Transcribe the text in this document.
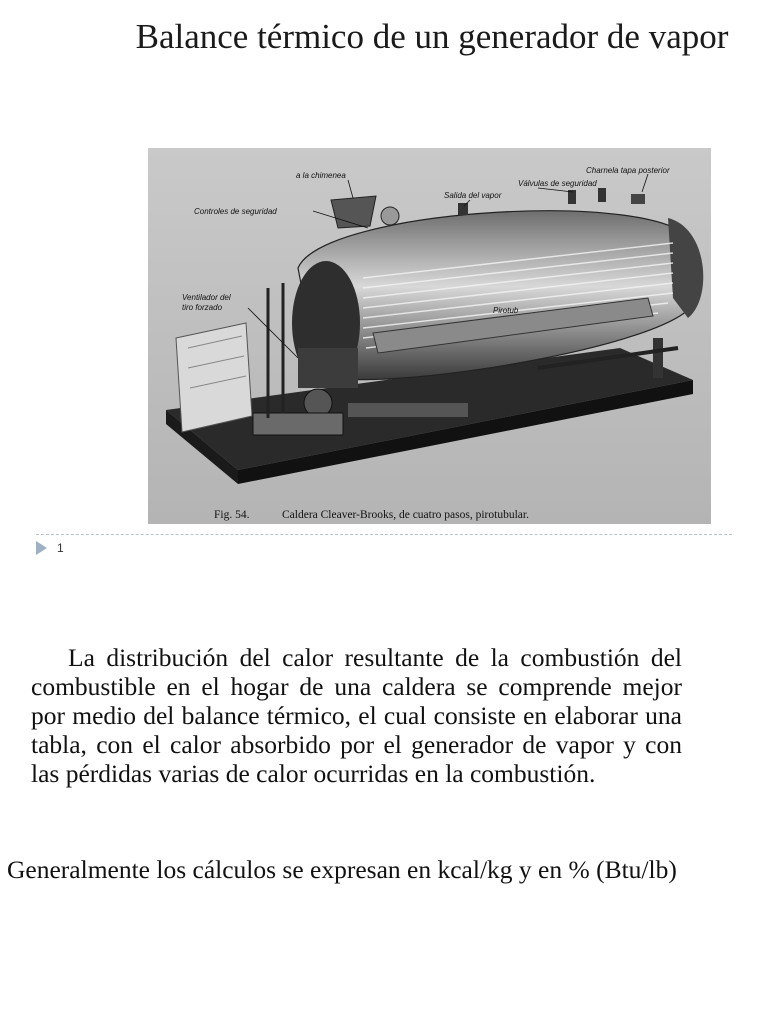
Balance térmico de un generador de vapor
a la chimenea
Controles de seguridad
Salida del vapor
Válvulas de seguridad
Charnela tapa posterior
Ventilador del
tiro forzado	Pirotub
Fig. 54.	Caldera Cleaver-Brooks, de cuatro pasos, pirotubular.
1
La distribución del calor resultante de la combustión del combustible en el hogar de una caldera se comprende mejor por medio del balance térmico, el cual consiste en elaborar una tabla, con el calor absorbido por el generador de vapor y con las pérdidas varias de calor ocurridas en la combustión.
Generalmente los cálculos se expresan en kcal/kg y en % (Btu/lb)
